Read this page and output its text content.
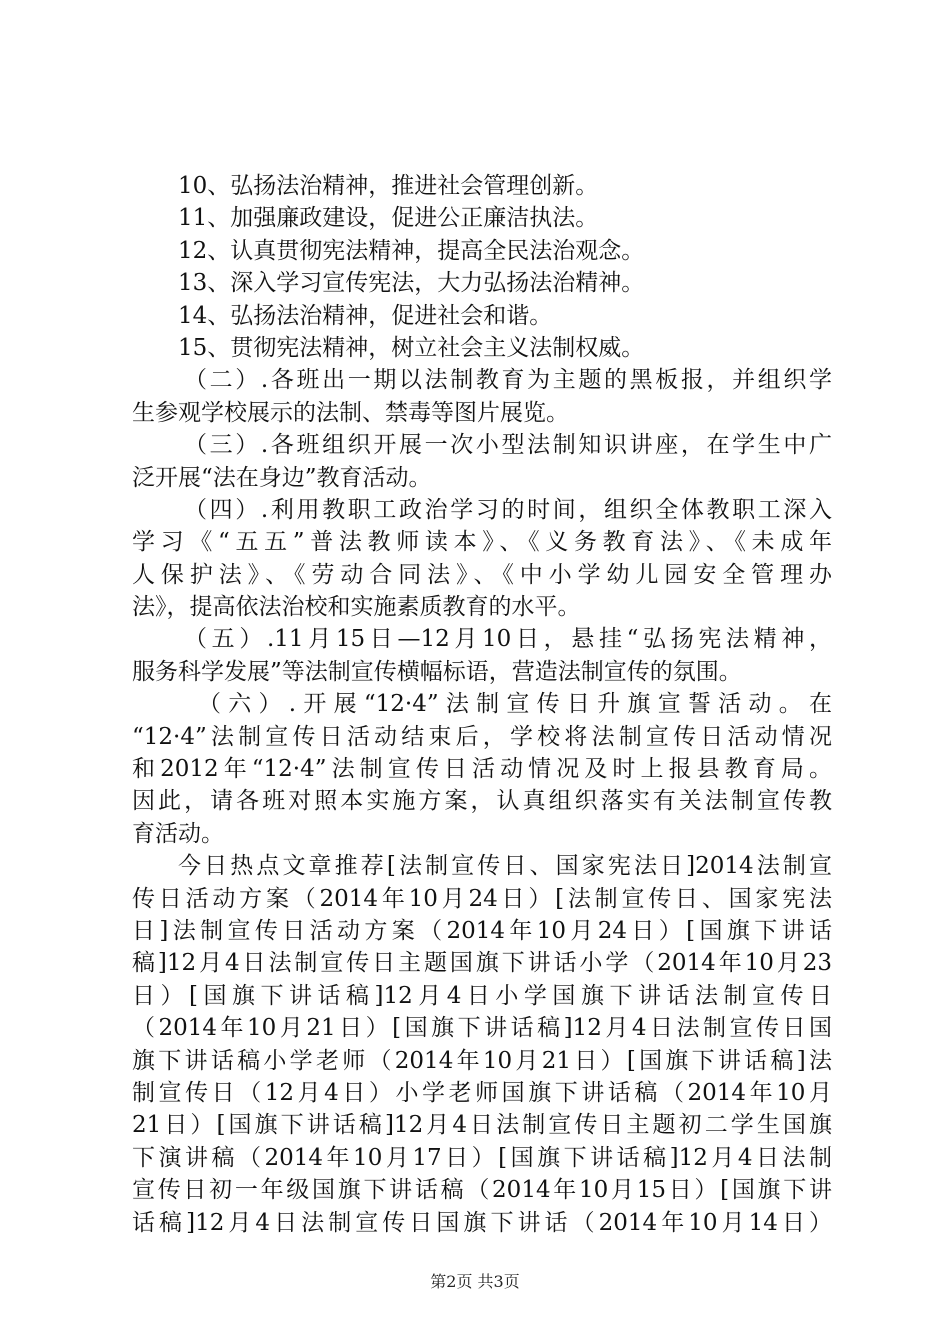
10、弘扬法治精神，推进社会管理创新。
11、加强廉政建设，促进公正廉洁执法。
12、认真贯彻宪法精神，提高全民法治观念。
13、深入学习宣传宪法，大力弘扬法治精神。
14、弘扬法治精神，促进社会和谐。
15、贯彻宪法精神，树立社会主义法制权威。
（二）.各班出一期以法制教育为主题的黑板报，并组织学
生参观学校展示的法制、禁毒等图片展览。
（三）.各班组织开展一次小型法制知识讲座，在学生中广
泛开展“法在身边”教育活动。
（四）.利用教职工政治学习的时间，组织全体教职工深入
学习《“五五”普法教师读本》、《义务教育法》、《未成年
人保护法》、《劳动合同法》、《中小学幼儿园安全管理办
法》，提高依法治校和实施素质教育的水平。
（五）.11月15日—12月10日，悬挂“弘扬宪法精神，
服务科学发展”等法制宣传横幅标语，营造法制宣传的氛围。
（六）.开展“12·4”法制宣传日升旗宣誓活动。在
“12·4”法制宣传日活动结束后，学校将法制宣传日活动情况
和2012年“12·4”法制宣传日活动情况及时上报县教育局。
因此，请各班对照本实施方案，认真组织落实有关法制宣传教
育活动。
今日热点文章推荐[法制宣传日、国家宪法日]2014法制宣
传日活动方案（2014年10月24日）[法制宣传日、国家宪法
日]法制宣传日活动方案（2014年10月24日）[国旗下讲话
稿]12月4日法制宣传日主题国旗下讲话小学（2014年10月23
日）[国旗下讲话稿]12月4日小学国旗下讲话法制宣传日
（2014年10月21日）[国旗下讲话稿]12月4日法制宣传日国
旗下讲话稿小学老师（2014年10月21日）[国旗下讲话稿]法
制宣传日（12月4日）小学老师国旗下讲话稿（2014年10月
21日）[国旗下讲话稿]12月4日法制宣传日主题初二学生国旗
下演讲稿（2014年10月17日）[国旗下讲话稿]12月4日法制
宣传日初一年级国旗下讲话稿（2014年10月15日）[国旗下讲
话稿]12月4日法制宣传日国旗下讲话（2014年10月14日）
第2页 共3页
